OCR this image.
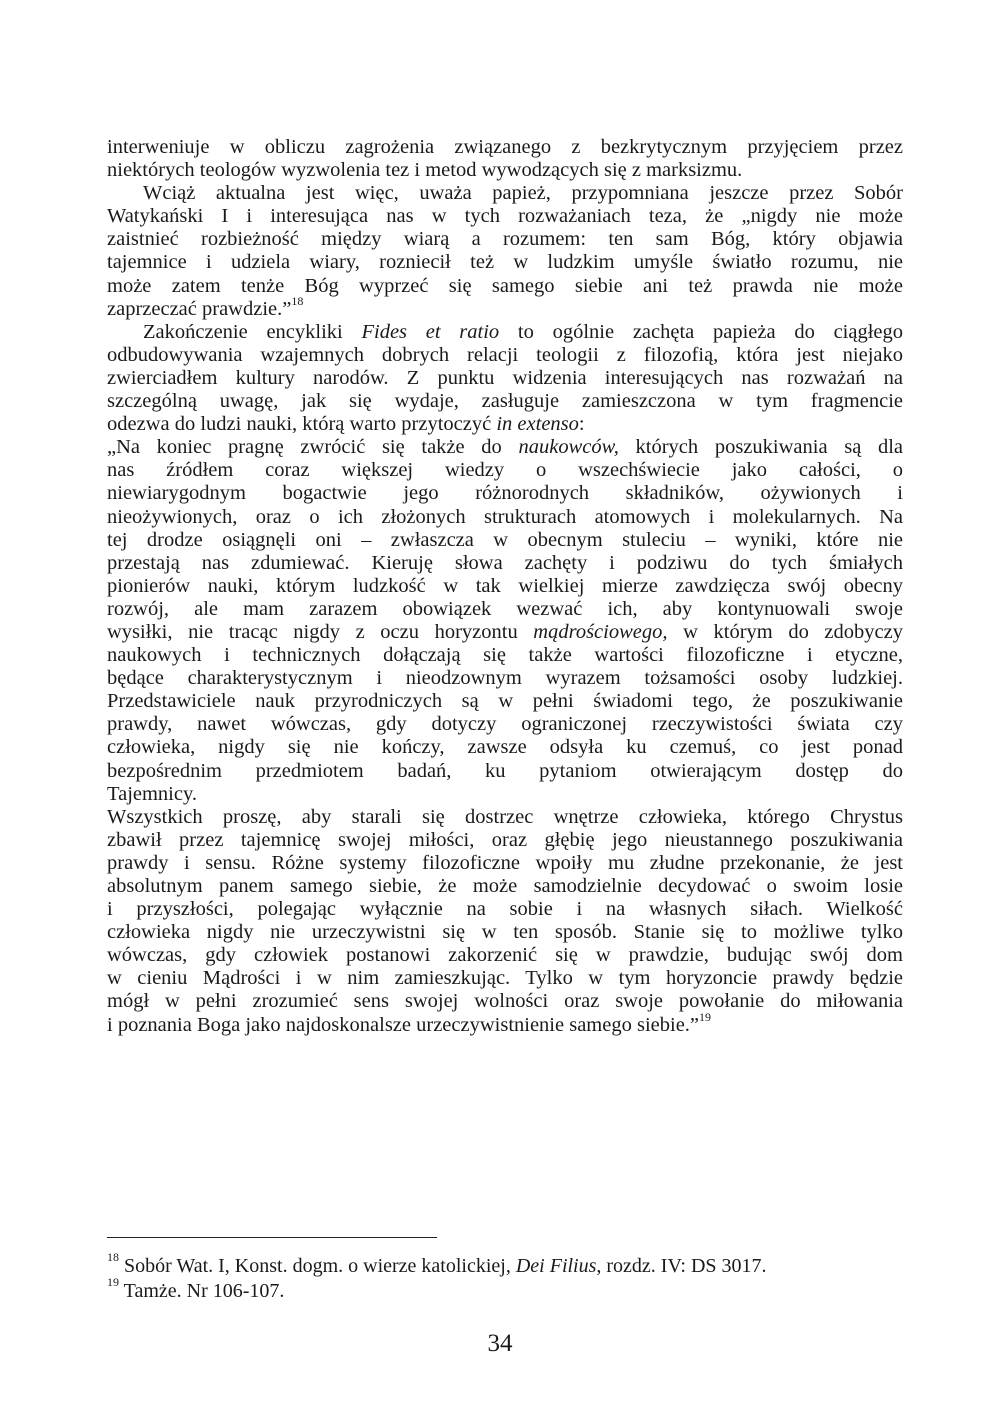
interweniuje w obliczu zagrożenia związanego z bezkrytycznym przyjęciem przez
niektórych teologów wyzwolenia tez i metod wywodzących się z marksizmu.
Wciąż aktualna jest więc, uważa papież, przypomniana jeszcze przez Sobór
Watykański I i interesująca nas w tych rozważaniach teza, że „nigdy nie może
zaistnieć rozbieżność między wiarą a rozumem: ten sam Bóg, który objawia
tajemnice i udziela wiary, rozniecił też w ludzkim umyśle światło rozumu, nie
może zatem tenże Bóg wyprzeć się samego siebie ani też prawda nie może
zaprzeczać prawdzie.”$^{18}$
Zakończenie encykliki Fides et ratio to ogólnie zachęta papieża do ciągłego
odbudowywania wzajemnych dobrych relacji teologii z filozofią, która jest niejako
zwierciadłem kultury narodów. Z punktu widzenia interesujących nas rozważań na
szczególną uwagę, jak się wydaje, zasługuje zamieszczona w tym fragmencie
odezwa do ludzi nauki, którą warto przytoczyć in extenso:
„Na koniec pragnę zwrócić się także do naukowców, których poszukiwania są dla
nas źródłem coraz większej wiedzy o wszechświecie jako całości, o
niewiarygodnym bogactwie jego różnorodnych składników, ożywionych i
nieożywionych, oraz o ich złożonych strukturach atomowych i molekularnych. Na
tej drodze osiągnęli oni – zwłaszcza w obecnym stuleciu – wyniki, które nie
przestają nas zdumiewać. Kieruję słowa zachęty i podziwu do tych śmiałych
pionierów nauki, którym ludzkość w tak wielkiej mierze zawdzięcza swój obecny
rozwój, ale mam zarazem obowiązek wezwać ich, aby kontynuowali swoje
wysiłki, nie tracąc nigdy z oczu horyzontu mądrościowego, w którym do zdobyczy
naukowych i technicznych dołączają się także wartości filozoficzne i etyczne,
będące charakterystycznym i nieodzownym wyrazem tożsamości osoby ludzkiej.
Przedstawiciele nauk przyrodniczych są w pełni świadomi tego, że poszukiwanie
prawdy, nawet wówczas, gdy dotyczy ograniczonej rzeczywistości świata czy
człowieka, nigdy się nie kończy, zawsze odsyła ku czemuś, co jest ponad
bezpośrednim przedmiotem badań, ku pytaniom otwierającym dostęp do
Tajemnicy.
Wszystkich proszę, aby starali się dostrzec wnętrze człowieka, którego Chrystus
zbawił przez tajemnicę swojej miłości, oraz głębię jego nieustannego poszukiwania
prawdy i sensu. Różne systemy filozoficzne wpoiły mu złudne przekonanie, że jest
absolutnym panem samego siebie, że może samodzielnie decydować o swoim losie
i przyszłości, polegając wyłącznie na sobie i na własnych siłach. Wielkość
człowieka nigdy nie urzeczywistni się w ten sposób. Stanie się to możliwe tylko
wówczas, gdy człowiek postanowi zakorzenić się w prawdzie, budując swój dom
w cieniu Mądrości i w nim zamieszkując. Tylko w tym horyzoncie prawdy będzie
mógł w pełni zrozumieć sens swojej wolności oraz swoje powołanie do miłowania
i poznania Boga jako najdoskonalsze urzeczywistnienie samego siebie.”$^{19}$
$^{18}$ Sobór Wat. I, Konst. dogm. o wierze katolickiej, Dei Filius, rozdz. IV: DS 3017.
$^{19}$ Tamże. Nr 106-107.
34
